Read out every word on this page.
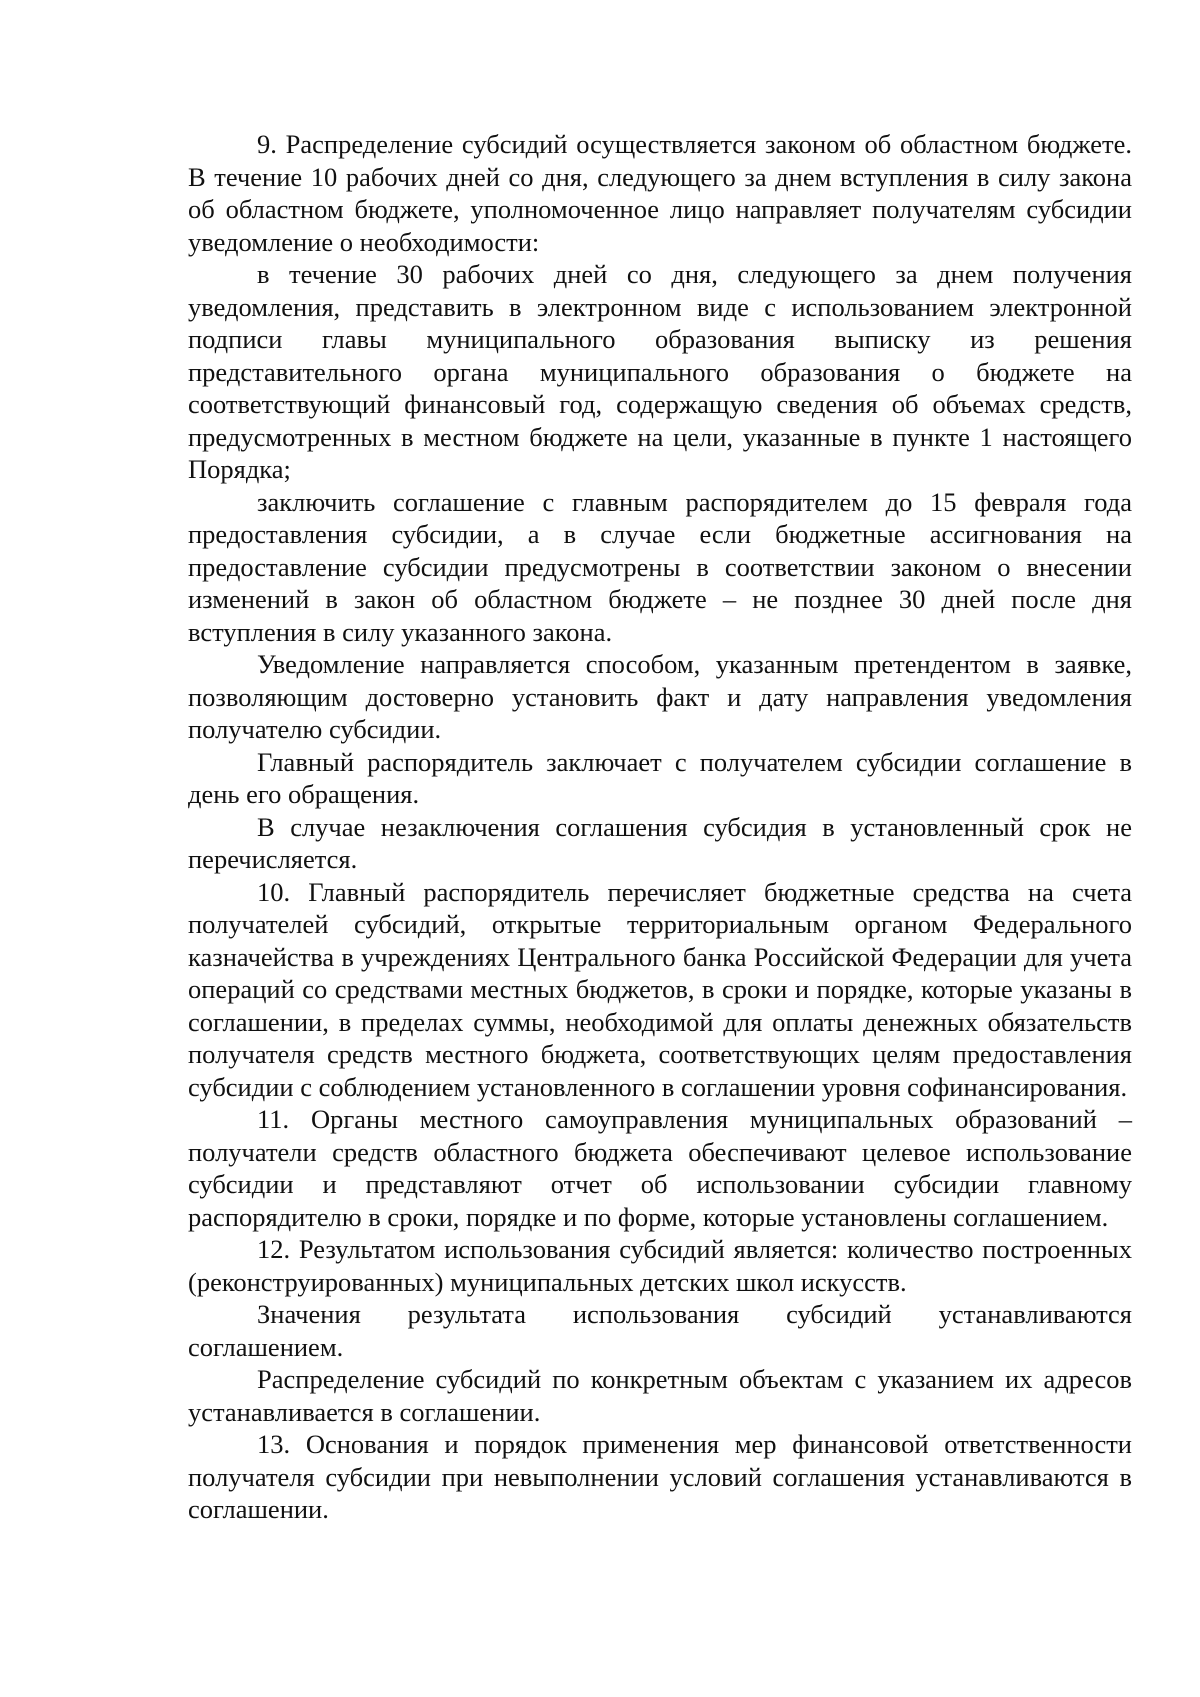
9. Распределение субсидий осуществляется законом об областном бюджете. В течение 10 рабочих дней со дня, следующего за днем вступления в силу закона об областном бюджете, уполномоченное лицо направляет получателям субсидии уведомление о необходимости:

в течение 30 рабочих дней со дня, следующего за днем получения уведомления, представить в электронном виде с использованием электронной подписи главы муниципального образования выписку из решения представительного органа муниципального образования о бюджете на соответствующий финансовый год, содержащую сведения об объемах средств, предусмотренных в местном бюджете на цели, указанные в пункте 1 настоящего Порядка;

заключить соглашение с главным распорядителем до 15 февраля года предоставления субсидии, а в случае если бюджетные ассигнования на предоставление субсидии предусмотрены в соответствии законом о внесении изменений в закон об областном бюджете – не позднее 30 дней после дня вступления в силу указанного закона.

Уведомление направляется способом, указанным претендентом в заявке, позволяющим достоверно установить факт и дату направления уведомления получателю субсидии.

Главный распорядитель заключает с получателем субсидии соглашение в день его обращения.

В случае незаключения соглашения субсидия в установленный срок не перечисляется.

10. Главный распорядитель перечисляет бюджетные средства на счета получателей субсидий, открытые территориальным органом Федерального казначейства в учреждениях Центрального банка Российской Федерации для учета операций со средствами местных бюджетов, в сроки и порядке, которые указаны в соглашении, в пределах суммы, необходимой для оплаты денежных обязательств получателя средств местного бюджета, соответствующих целям предоставления субсидии с соблюдением установленного в соглашении уровня софинансирования.

11. Органы местного самоуправления муниципальных образований – получатели средств областного бюджета обеспечивают целевое использование субсидии и представляют отчет об использовании субсидии главному распорядителю в сроки, порядке и по форме, которые установлены соглашением.

12. Результатом использования субсидий является: количество построенных (реконструированных) муниципальных детских школ искусств.

Значения результата использования субсидий устанавливаются соглашением.

Распределение субсидий по конкретным объектам с указанием их адресов устанавливается в соглашении.

13. Основания и порядок применения мер финансовой ответственности получателя субсидии при невыполнении условий соглашения устанавливаются в соглашении.
